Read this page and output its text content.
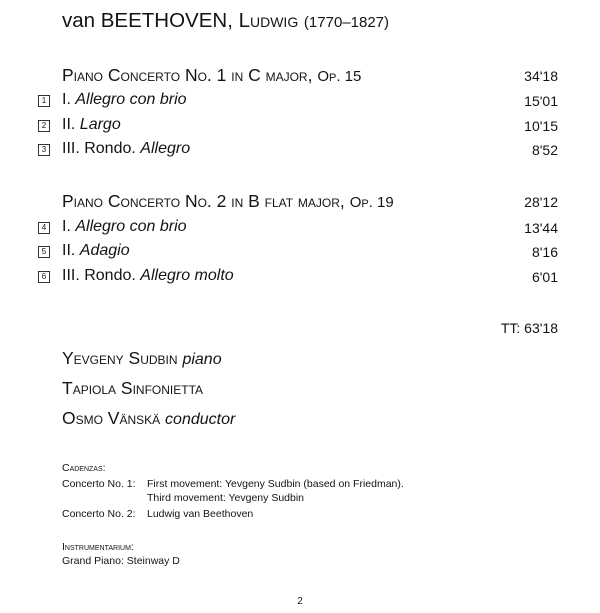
van BEETHOVEN, Ludwig (1770–1827)
Piano Concerto No. 1 in C major, Op. 15	34'18
1 I. Allegro con brio	15'01
2 II. Largo	10'15
3 III. Rondo. Allegro	8'52
Piano Concerto No. 2 in B flat major, Op. 19	28'12
4 I. Allegro con brio	13'44
5 II. Adagio	8'16
6 III. Rondo. Allegro molto	6'01
TT: 63'18
Yevgeny Sudbin piano
Tapiola Sinfonietta
Osmo Vänskä conductor
Cadenzas:
Concerto No. 1: First movement: Yevgeny Sudbin (based on Friedman).
Third movement: Yevgeny Sudbin
Concerto No. 2: Ludwig van Beethoven
Instrumentarium:
Grand Piano: Steinway D
2
